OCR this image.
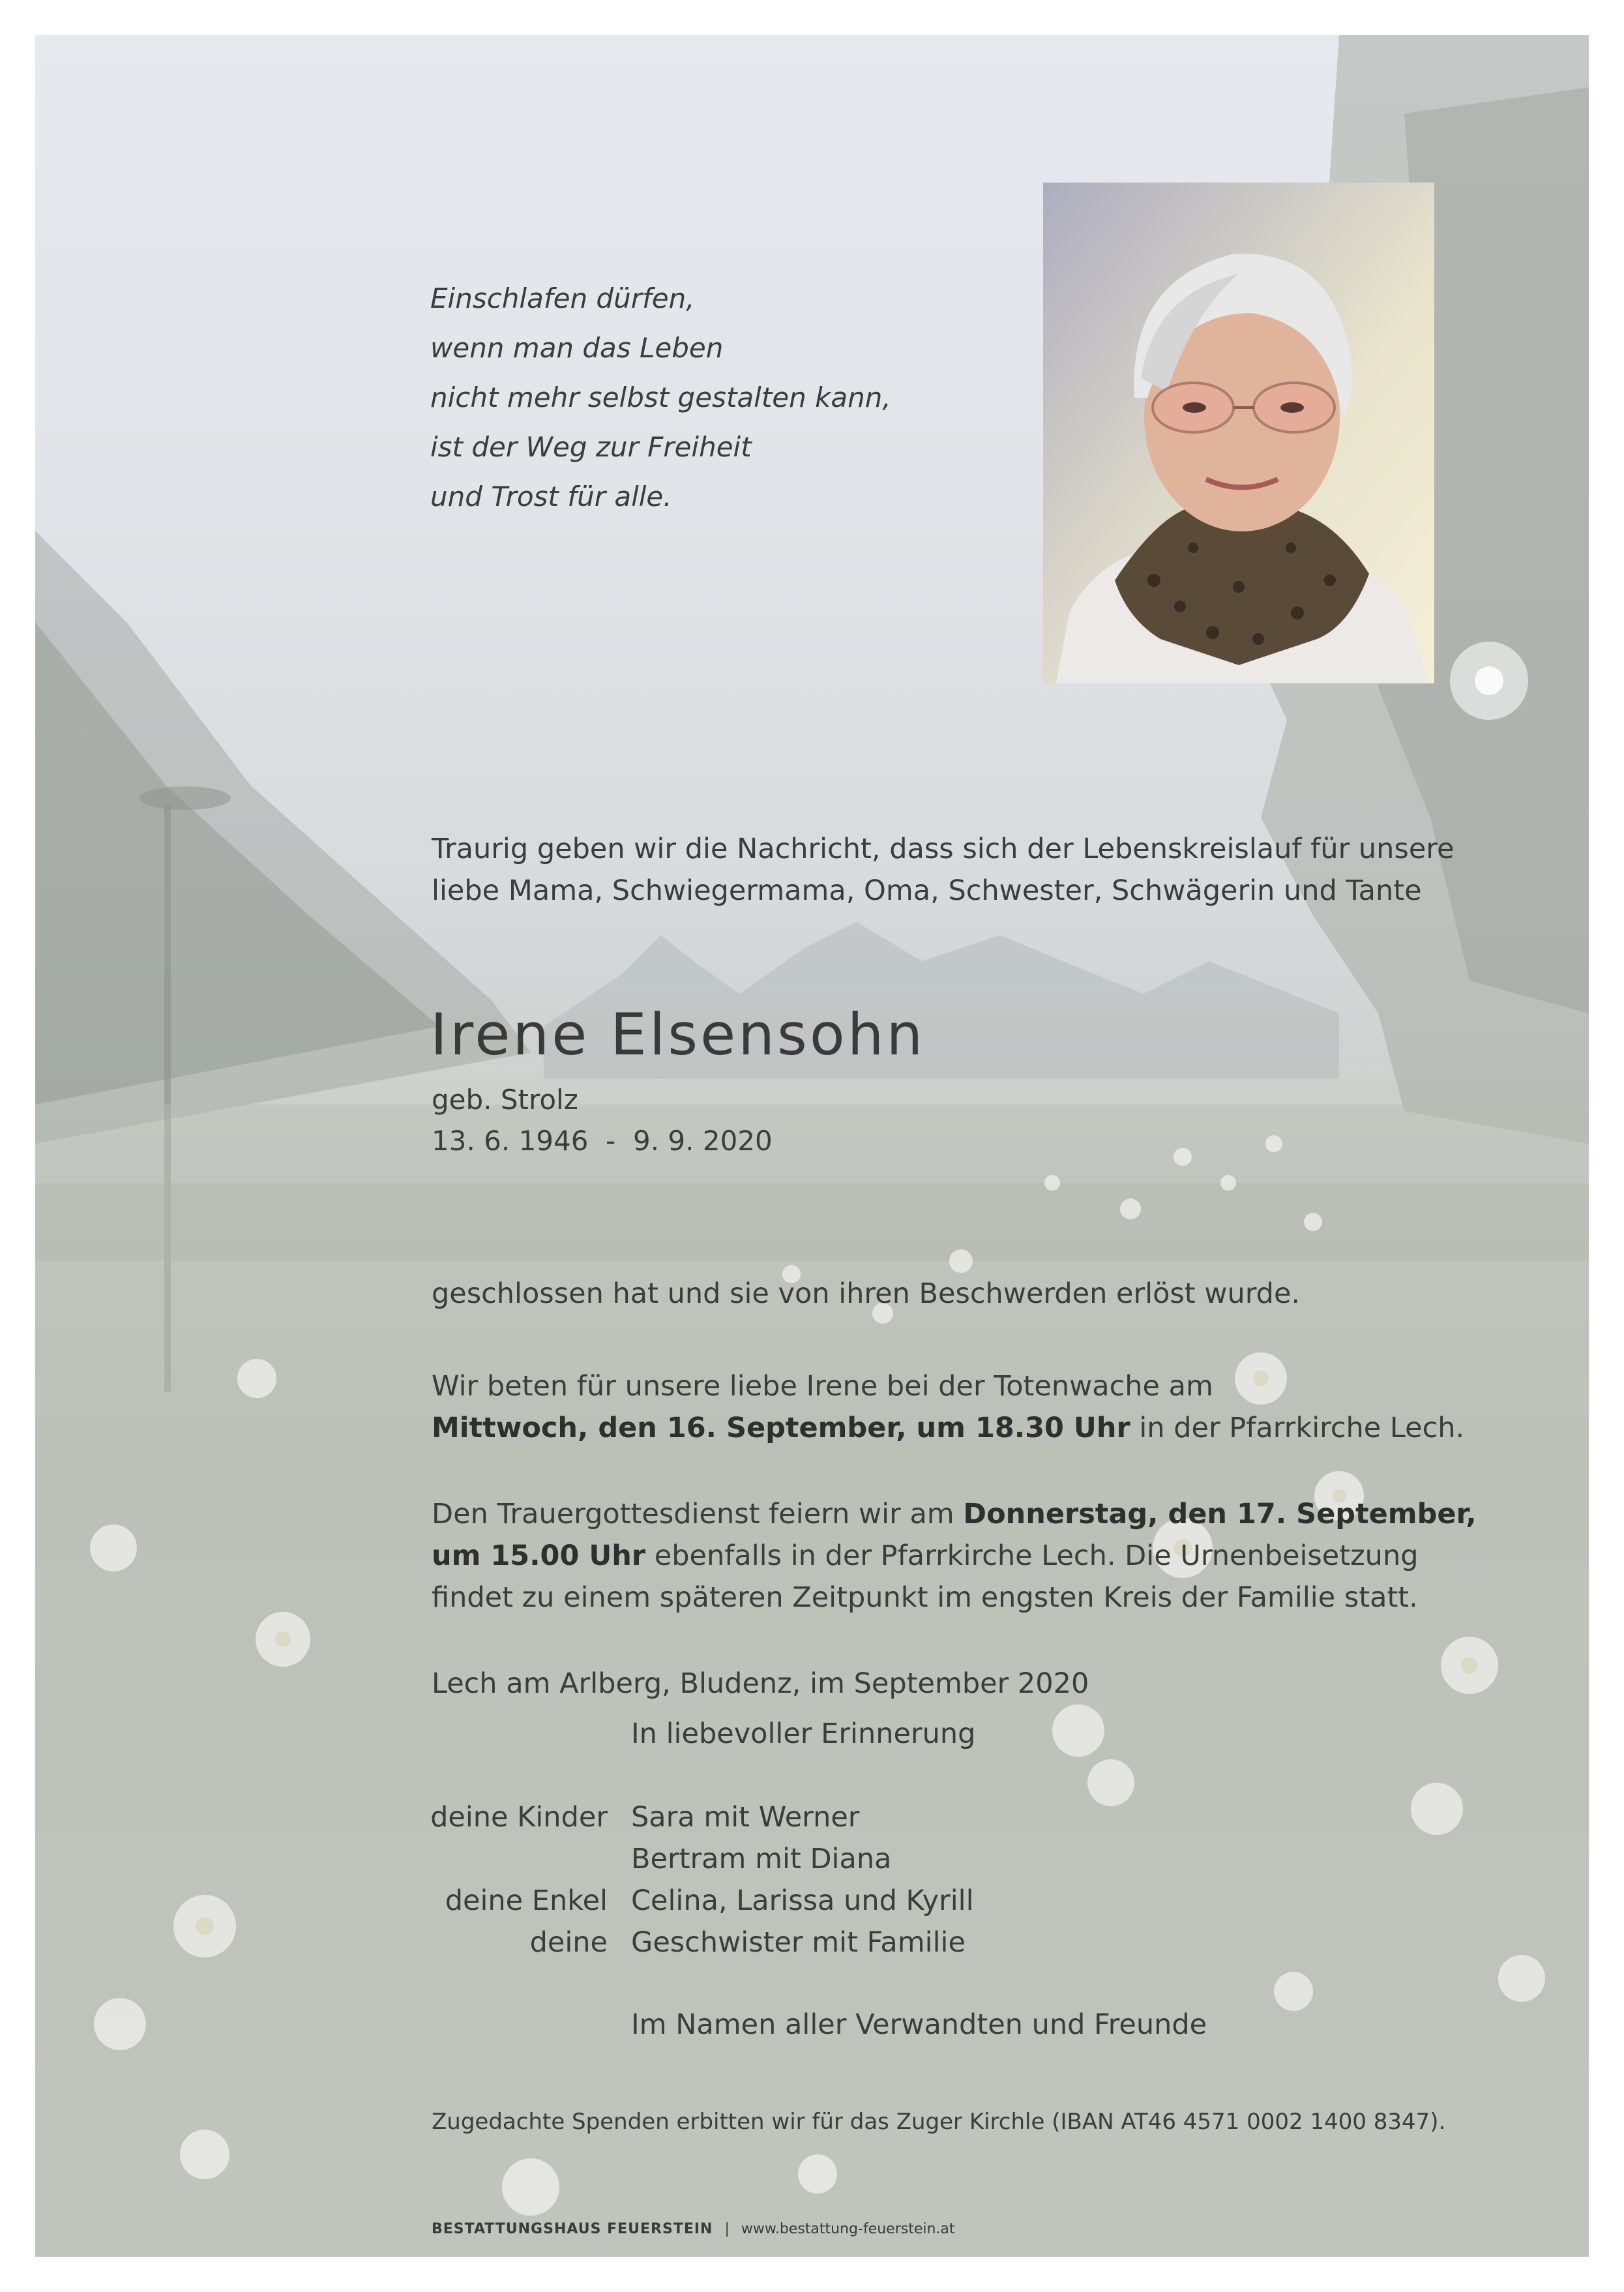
Einschlafen dürfen,
wenn man das Leben
nicht mehr selbst gestalten kann,
ist der Weg zur Freiheit
und Trost für alle.
Traurig geben wir die Nachricht, dass sich der Lebenskreislauf für unsere
liebe Mama, Schwiegermama, Oma, Schwester, Schwägerin und Tante
Irene Elsensohn
geb. Strolz
13. 6. 1946  -  9. 9. 2020
geschlossen hat und sie von ihren Beschwerden erlöst wurde.
Wir beten für unsere liebe Irene bei der Totenwache am
Mittwoch, den 16. September, um 18.30 Uhr in der Pfarrkirche Lech.
Den Trauergottesdienst feiern wir am Donnerstag, den 17. September,
um 15.00 Uhr ebenfalls in der Pfarrkirche Lech. Die Urnenbeisetzung
findet zu einem späteren Zeitpunkt im engsten Kreis der Familie statt.
Lech am Arlberg, Bludenz, im September 2020
In liebevoller Erinnerung
deine Kinder Sara mit Werner
Bertram mit Diana
deine Enkel Celina, Larissa und Kyrill
deine Geschwister mit Familie
Im Namen aller Verwandten und Freunde
Zugedachte Spenden erbitten wir für das Zuger Kirchle (IBAN AT46 4571 0002 1400 8347).
BESTATTUNGSHAUS FEUERSTEIN | www.bestattung-feuerstein.at
